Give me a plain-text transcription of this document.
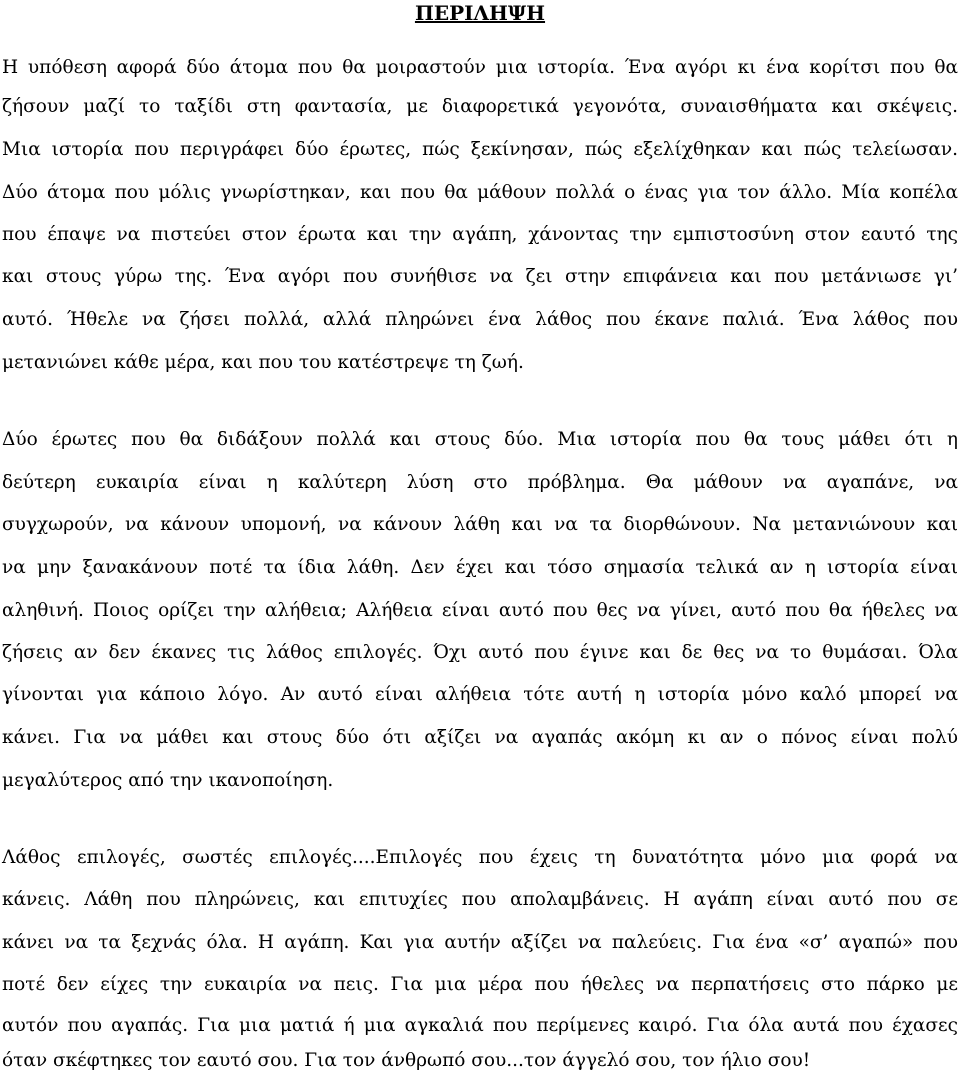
ΠΕΡΙΛΗΨΗ
Η υπόθεση αφορά δύο άτομα που θα μοιραστούν μια ιστορία. Ένα αγόρι κι ένα κορίτσι που θα
ζήσουν μαζί το ταξίδι στη φαντασία, με διαφορετικά γεγονότα, συναισθήματα και σκέψεις.
Μια ιστορία που περιγράφει δύο έρωτες, πώς ξεκίνησαν, πώς εξελίχθηκαν και πώς τελείωσαν.
Δύο άτομα που μόλις γνωρίστηκαν, και που θα μάθουν πολλά ο ένας για τον άλλο. Μία κοπέλα
που έπαψε να πιστεύει στον έρωτα και την αγάπη, χάνοντας την εμπιστοσύνη στον εαυτό της
και στους γύρω της. Ένα αγόρι που συνήθισε να ζει στην επιφάνεια και που μετάνιωσε γι’
αυτό. Ήθελε να ζήσει πολλά, αλλά πληρώνει ένα λάθος που έκανε παλιά. Ένα λάθος που
μετανιώνει κάθε μέρα, και που του κατέστρεψε τη ζωή.
Δύο έρωτες που θα διδάξουν πολλά και στους δύο. Μια ιστορία που θα τους μάθει ότι η
δεύτερη ευκαιρία είναι η καλύτερη λύση στο πρόβλημα. Θα μάθουν να αγαπάνε, να
συγχωρούν, να κάνουν υπομονή, να κάνουν λάθη και να τα διορθώνουν. Να μετανιώνουν και
να μην ξανακάνουν ποτέ τα ίδια λάθη. Δεν έχει και τόσο σημασία τελικά αν η ιστορία είναι
αληθινή. Ποιος ορίζει την αλήθεια; Αλήθεια είναι αυτό που θες να γίνει, αυτό που θα ήθελες να
ζήσεις αν δεν έκανες τις λάθος επιλογές. Όχι αυτό που έγινε και δε θες να το θυμάσαι. Όλα
γίνονται για κάποιο λόγο. Αν αυτό είναι αλήθεια τότε αυτή η ιστορία μόνο καλό μπορεί να
κάνει. Για να μάθει και στους δύο ότι αξίζει να αγαπάς ακόμη κι αν ο πόνος είναι πολύ
μεγαλύτερος από την ικανοποίηση.
Λάθος επιλογές, σωστές επιλογές....Επιλογές που έχεις τη δυνατότητα μόνο μια φορά να
κάνεις. Λάθη που πληρώνεις, και επιτυχίες που απολαμβάνεις. Η αγάπη είναι αυτό που σε
κάνει να τα ξεχνάς όλα. Η αγάπη. Και για αυτήν αξίζει να παλεύεις. Για ένα «σ’ αγαπώ» που
ποτέ δεν είχες την ευκαιρία να πεις. Για μια μέρα που ήθελες να περπατήσεις στο πάρκο με
αυτόν που αγαπάς. Για μια ματιά ή μια αγκαλιά που περίμενες καιρό. Για όλα αυτά που έχασες
όταν σκέφτηκες τον εαυτό σου. Για τον άνθρωπό σου...τον άγγελό σου, τον ήλιο σου!
